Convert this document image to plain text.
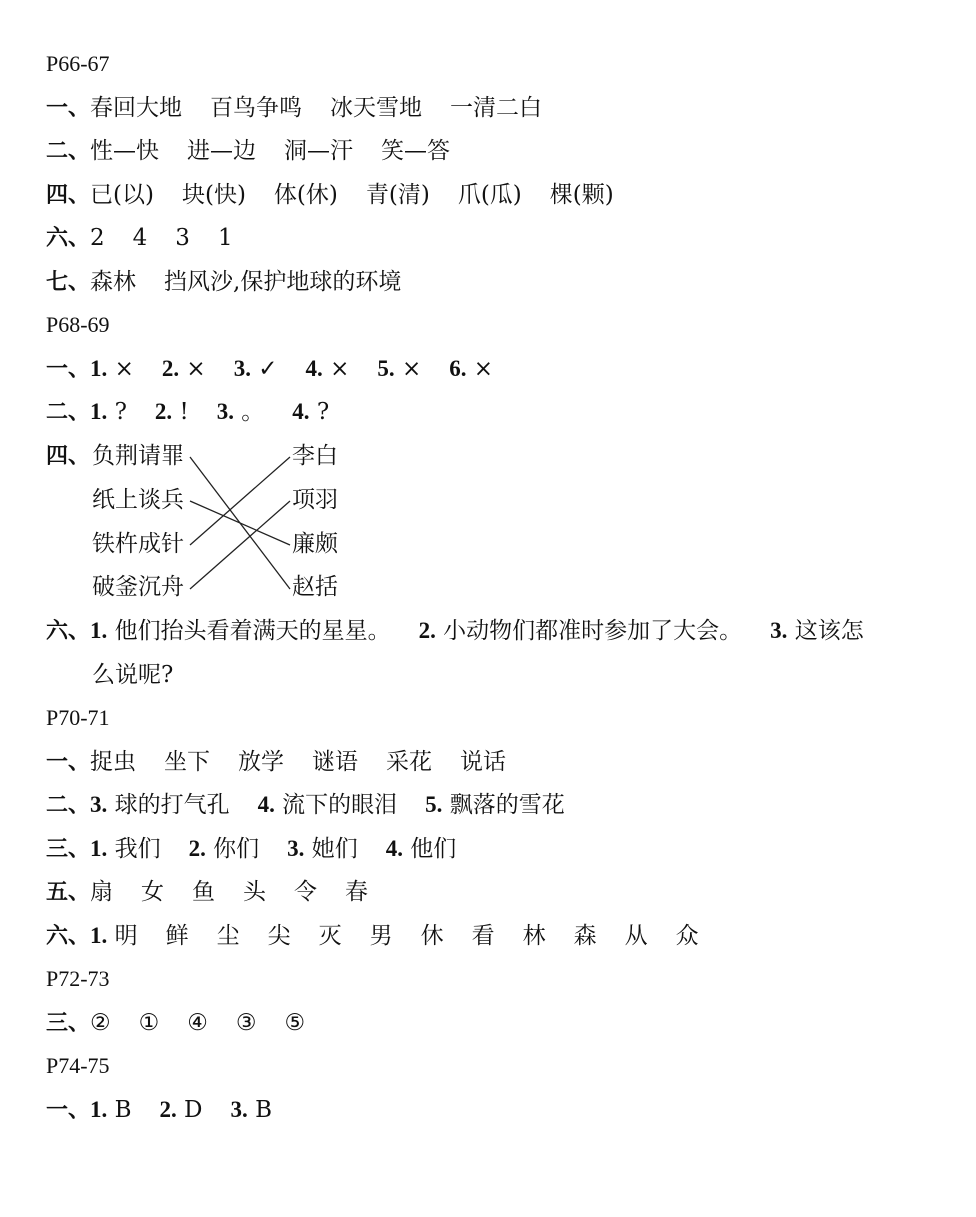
P66-67
一、春回大地 百鸟争鸣 冰天雪地 一清二白
二、性—快 进—边 洞—汗 笑—答
四、已(以) 块(快) 体(休) 青(清) 爪(瓜) 棵(颗)
六、2 4 3 1
七、森林 挡风沙,保护地球的环境
P68-69
一、1. × 2. × 3. ✓ 4. × 5. × 6. ×
二、1. ? 2. ! 3. 。 4. ?
四、 负荆请罪
纸上谈兵
铁杵成针
破釜沉舟
李白
项羽
廉颇
赵括
六、1. 他们抬头看着满天的星星。 2. 小动物们都准时参加了大会。 3. 这该怎
么说呢?
P70-71
一、捉虫 坐下 放学 谜语 采花 说话
二、3. 球的打气孔 4. 流下的眼泪 5. 飘落的雪花
三、1. 我们 2. 你们 3. 她们 4. 他们
五、扇 女 鱼 头 令 春
六、1. 明 鲜 尘 尖 灭 男 休 看 林 森 从 众
P72-73
三、② ① ④ ③ ⑤
P74-75
一、1. B 2. D 3. B
